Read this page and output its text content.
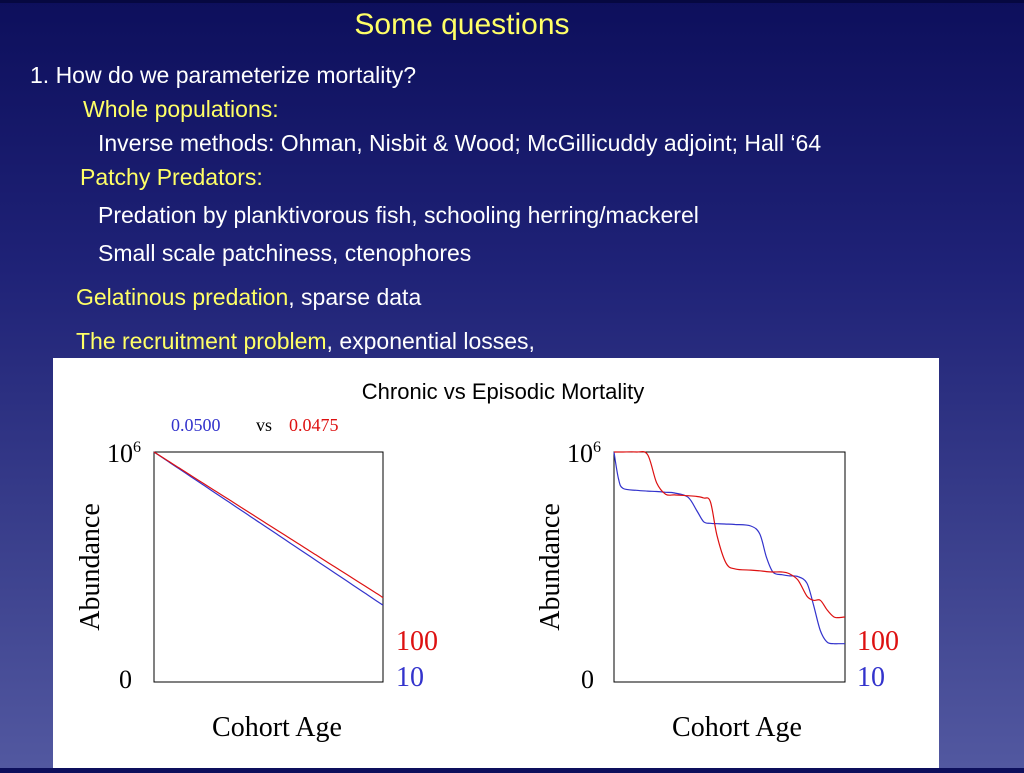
Some questions
1. How do we parameterize mortality?
Whole populations:
Inverse methods: Ohman, Nisbit & Wood; McGillicuddy adjoint; Hall ‘64
Patchy Predators:
Predation by planktivorous fish, schooling herring/mackerel
Small scale patchiness, ctenophores
Gelatinous predation, sparse data
The recruitment problem, exponential losses,
Chronic vs Episodic Mortality
0.0500 vs 0.0475
$10^6$
0
Abundance
Cohort Age
100
10
$10^6$
0
Abundance
Cohort Age
100
10
